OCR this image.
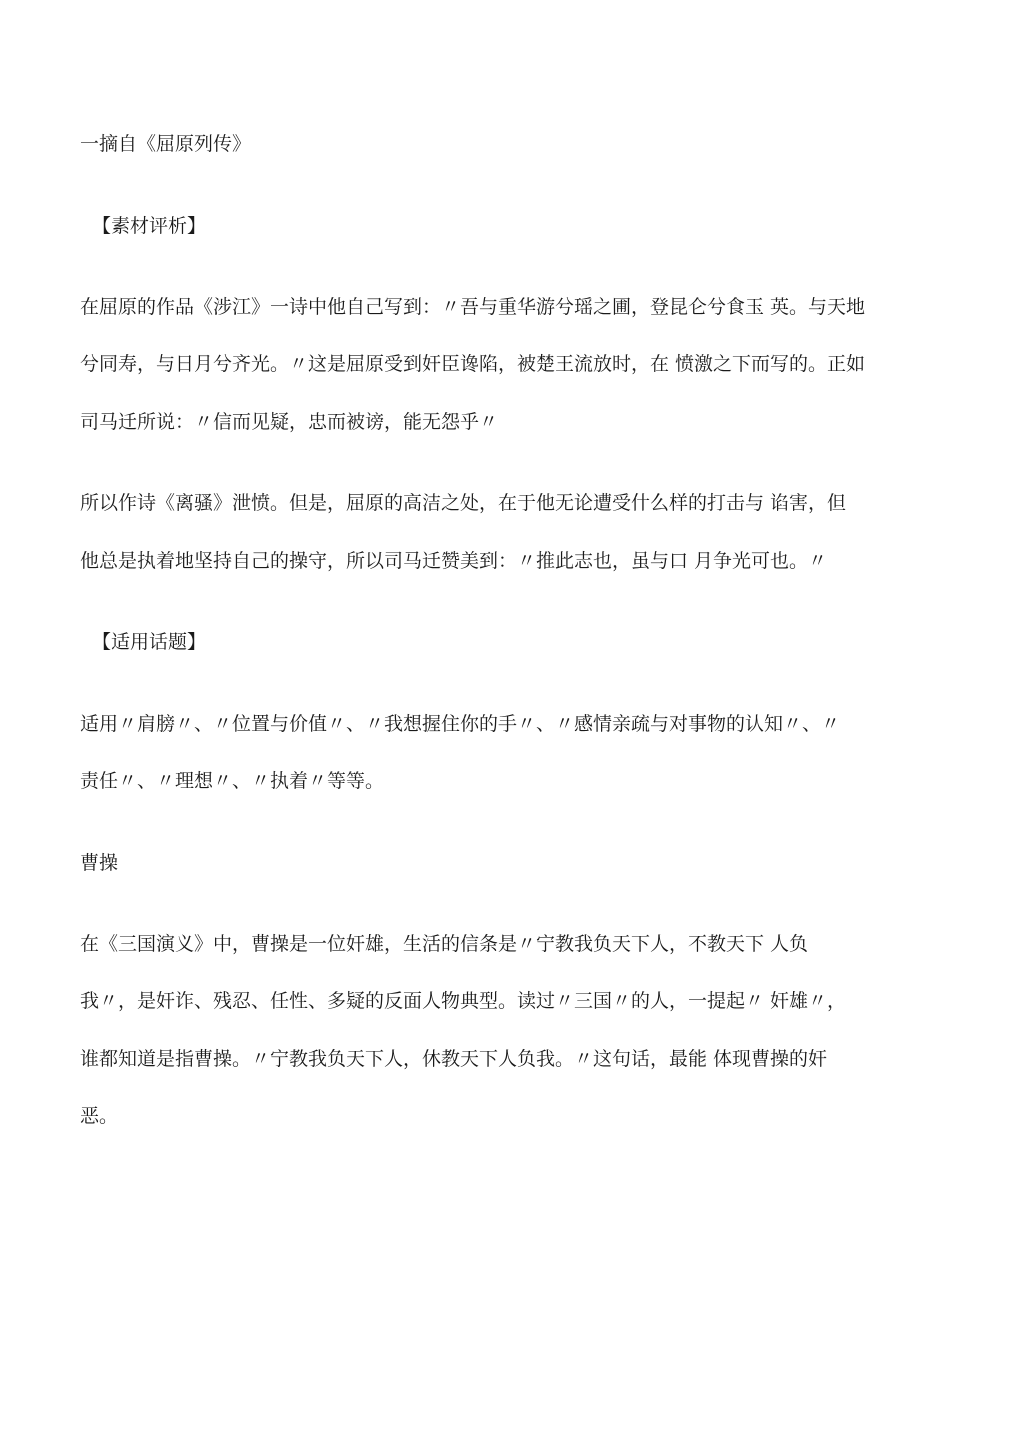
一摘自《屈原列传》
【素材评析】
在屈原的作品《涉江》一诗中他自己写到：〃吾与重华游兮瑶之圃，登昆仑兮食玉 英。与天地
兮同寿，与日月兮齐光。〃这是屈原受到奸臣谗陷，被楚王流放时，在 愤激之下而写的。正如
司马迁所说：〃信而见疑，忠而被谤，能无怨乎〃
所以作诗《离骚》泄愤。但是，屈原的高洁之处，在于他无论遭受什么样的打击与 谄害，但
他总是执着地坚持自己的操守，所以司马迁赞美到：〃推此志也，虽与口 月争光可也。〃
【适用话题】
适用〃肩膀〃、〃位置与价值〃、〃我想握住你的手〃、〃感情亲疏与对事物的认知〃、〃
责任〃、〃理想〃、〃执着〃等等。
曹操
在《三国演义》中，曹操是一位奸雄，生活的信条是〃宁教我负天下人，不教天下 人负
我〃，是奸诈、残忍、任性、多疑的反面人物典型。读过〃三国〃的人，一提起〃 奸雄〃，
谁都知道是指曹操。〃宁教我负天下人，休教天下人负我。〃这句话，最能 体现曹操的奸
恶。
